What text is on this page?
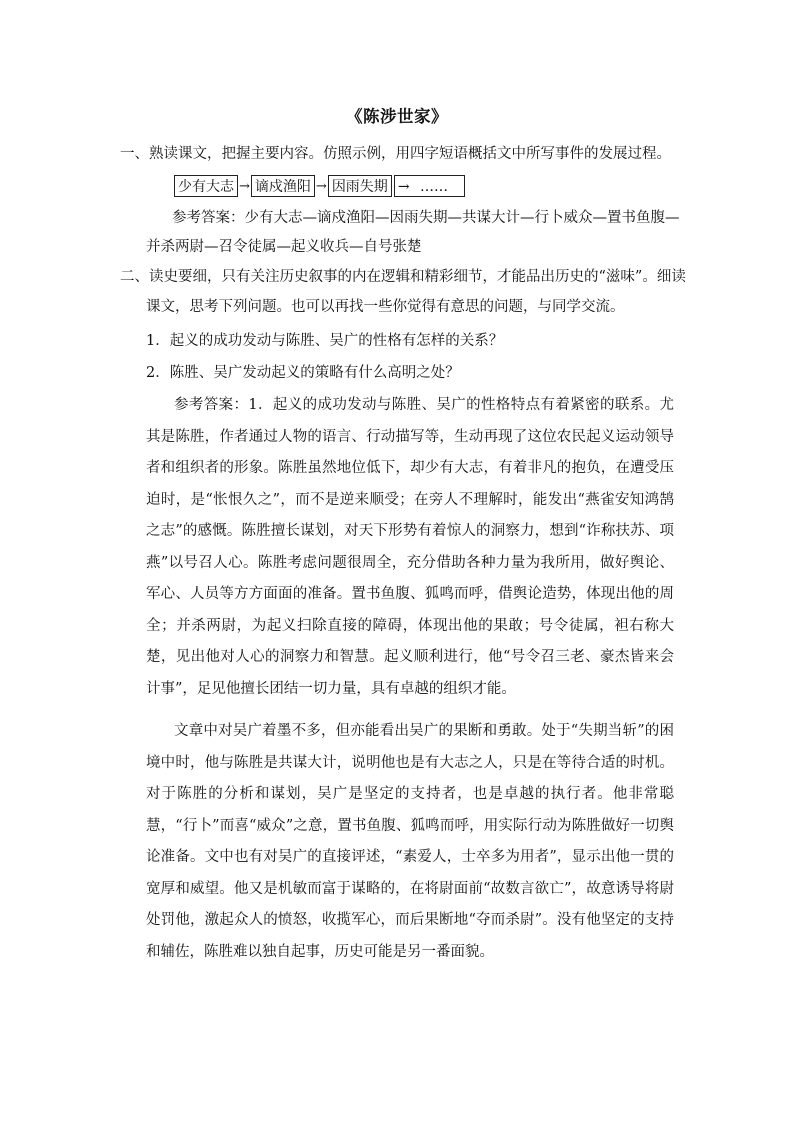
《陈涉世家》
一、熟读课文，把握主要内容。仿照示例，用四字短语概括文中所写事件的发展过程。
少有大志 → 谪戍渔阳 → 因雨失期 → ……
参考答案：少有大志—谪戍渔阳—因雨失期—共谋大计—行卜威众—置书鱼腹—
并杀两尉—召令徒属—起义收兵—自号张楚
二、读史要细，只有关注历史叙事的内在逻辑和精彩细节，才能品出历史的“滋味”。细读
课文，思考下列问题。也可以再找一些你觉得有意思的问题，与同学交流。
1．起义的成功发动与陈胜、吴广的性格有怎样的关系？
2．陈胜、吴广发动起义的策略有什么高明之处？
参考答案：1．起义的成功发动与陈胜、吴广的性格特点有着紧密的联系。尤其是陈胜，作者通过人物的语言、行动描写等，生动再现了这位农民起义运动领导者和组织者的形象。陈胜虽然地位低下，却少有大志，有着非凡的抱负，在遭受压迫时，是“怅恨久之”，而不是逆来顺受；在旁人不理解时，能发出“燕雀安知鸿鹄之志”的感慨。陈胜擅长谋划，对天下形势有着惊人的洞察力，想到“诈称扶苏、项燕”以号召人心。陈胜考虑问题很周全，充分借助各种力量为我所用，做好舆论、军心、人员等方方面面的准备。置书鱼腹、狐鸣而呼，借舆论造势，体现出他的周全；并杀两尉，为起义扫除直接的障碍，体现出他的果敢；号令徒属，袒右称大楚，见出他对人心的洞察力和智慧。起义顺利进行，他“号令召三老、豪杰皆来会计事”，足见他擅长团结一切力量，具有卓越的组织才能。
文章中对吴广着墨不多，但亦能看出吴广的果断和勇敢。处于“失期当斩”的困境中时，他与陈胜是共谋大计，说明他也是有大志之人，只是在等待合适的时机。对于陈胜的分析和谋划，吴广是坚定的支持者，也是卓越的执行者。他非常聪慧，“行卜”而喜“威众”之意，置书鱼腹、狐鸣而呼，用实际行动为陈胜做好一切舆论准备。文中也有对吴广的直接评述，“素爱人，士卒多为用者”，显示出他一贯的宽厚和威望。他又是机敏而富于谋略的，在将尉面前“故数言欲亡”，故意诱导将尉处罚他，激起众人的愤怒，收揽军心，而后果断地“夺而杀尉”。没有他坚定的支持和辅佐，陈胜难以独自起事，历史可能是另一番面貌。
